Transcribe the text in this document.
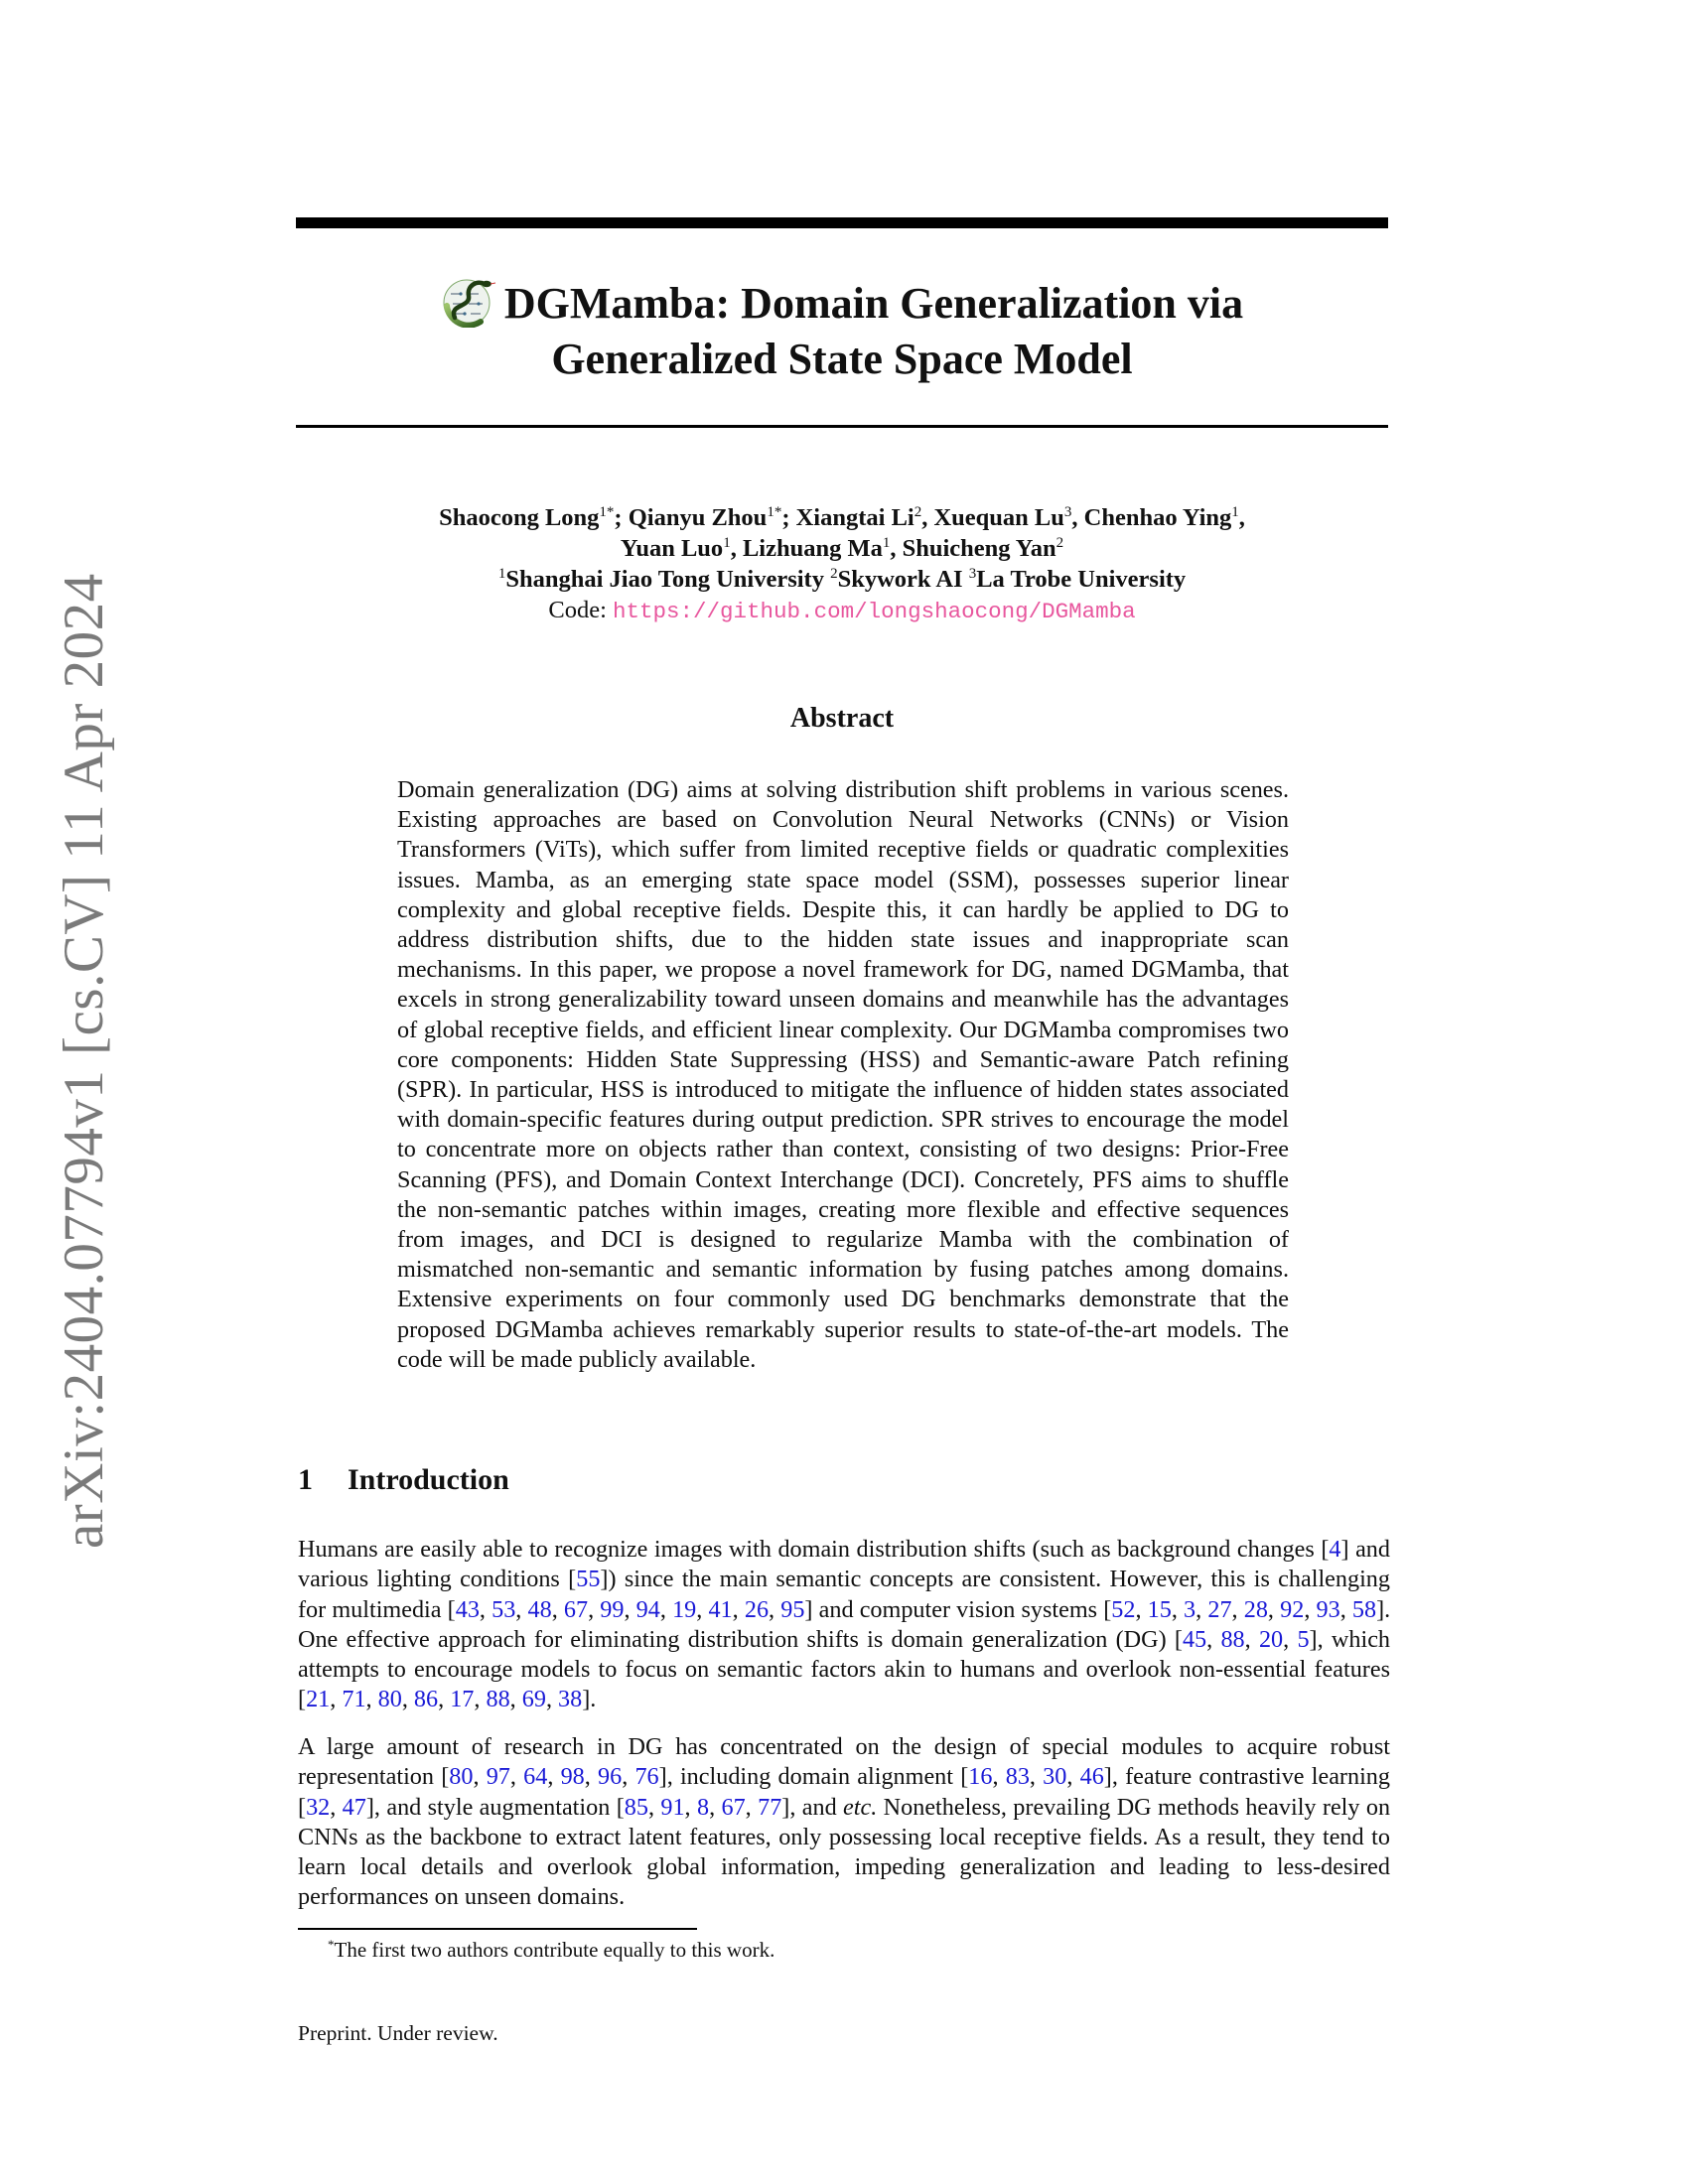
arXiv:2404.07794v1 [cs.CV] 11 Apr 2024
DGMamba: Domain Generalization via
Generalized State Space Model
Shaocong Long$^{1*}$; Qianyu Zhou$^{1*}$; Xiangtai Li$^2$, Xuequan Lu$^3$, Chenhao Ying$^1$,
Yuan Luo$^1$, Lizhuang Ma$^1$, Shuicheng Yan$^2$
$^1$Shanghai Jiao Tong University $^2$Skywork AI $^3$La Trobe University
Code: https://github.com/longshaocong/DGMamba
Abstract
Domain generalization (DG) aims at solving distribution shift problems in various scenes. Existing approaches are based on Convolution Neural Networks (CNNs) or Vision Transformers (ViTs), which suffer from limited receptive fields or quadratic complexities issues. Mamba, as an emerging state space model (SSM), possesses superior linear complexity and global receptive fields. Despite this, it can hardly be applied to DG to address distribution shifts, due to the hidden state issues and inappropriate scan mechanisms. In this paper, we propose a novel framework for DG, named DGMamba, that excels in strong generalizability toward unseen domains and meanwhile has the advantages of global receptive fields, and efficient linear complexity. Our DGMamba compromises two core components: Hidden State Suppressing (HSS) and Semantic-aware Patch refining (SPR). In particular, HSS is introduced to mitigate the influence of hidden states associated with domain-specific features during output prediction. SPR strives to encourage the model to concentrate more on objects rather than context, consisting of two designs: Prior-Free Scanning (PFS), and Domain Context Interchange (DCI). Concretely, PFS aims to shuffle the non-semantic patches within images, creating more flexible and effective sequences from images, and DCI is designed to regularize Mamba with the combination of mismatched non-semantic and semantic information by fusing patches among domains. Extensive experiments on four commonly used DG benchmarks demonstrate that the proposed DGMamba achieves remarkably superior results to state-of-the-art models. The code will be made publicly available.
1 Introduction
Humans are easily able to recognize images with domain distribution shifts (such as background changes [4] and various lighting conditions [55]) since the main semantic concepts are consistent. However, this is challenging for multimedia [43, 53, 48, 67, 99, 94, 19, 41, 26, 95] and computer vision systems [52, 15, 3, 27, 28, 92, 93, 58]. One effective approach for eliminating distribution shifts is domain generalization (DG) [45, 88, 20, 5], which attempts to encourage models to focus on semantic factors akin to humans and overlook non-essential features [21, 71, 80, 86, 17, 88, 69, 38].
A large amount of research in DG has concentrated on the design of special modules to acquire robust representation [80, 97, 64, 98, 96, 76], including domain alignment [16, 83, 30, 46], feature contrastive learning [32, 47], and style augmentation [85, 91, 8, 67, 77], and etc. Nonetheless, prevailing DG methods heavily rely on CNNs as the backbone to extract latent features, only possessing local receptive fields. As a result, they tend to learn local details and overlook global information, impeding generalization and leading to less-desired performances on unseen domains.
*The first two authors contribute equally to this work.
Preprint. Under review.
